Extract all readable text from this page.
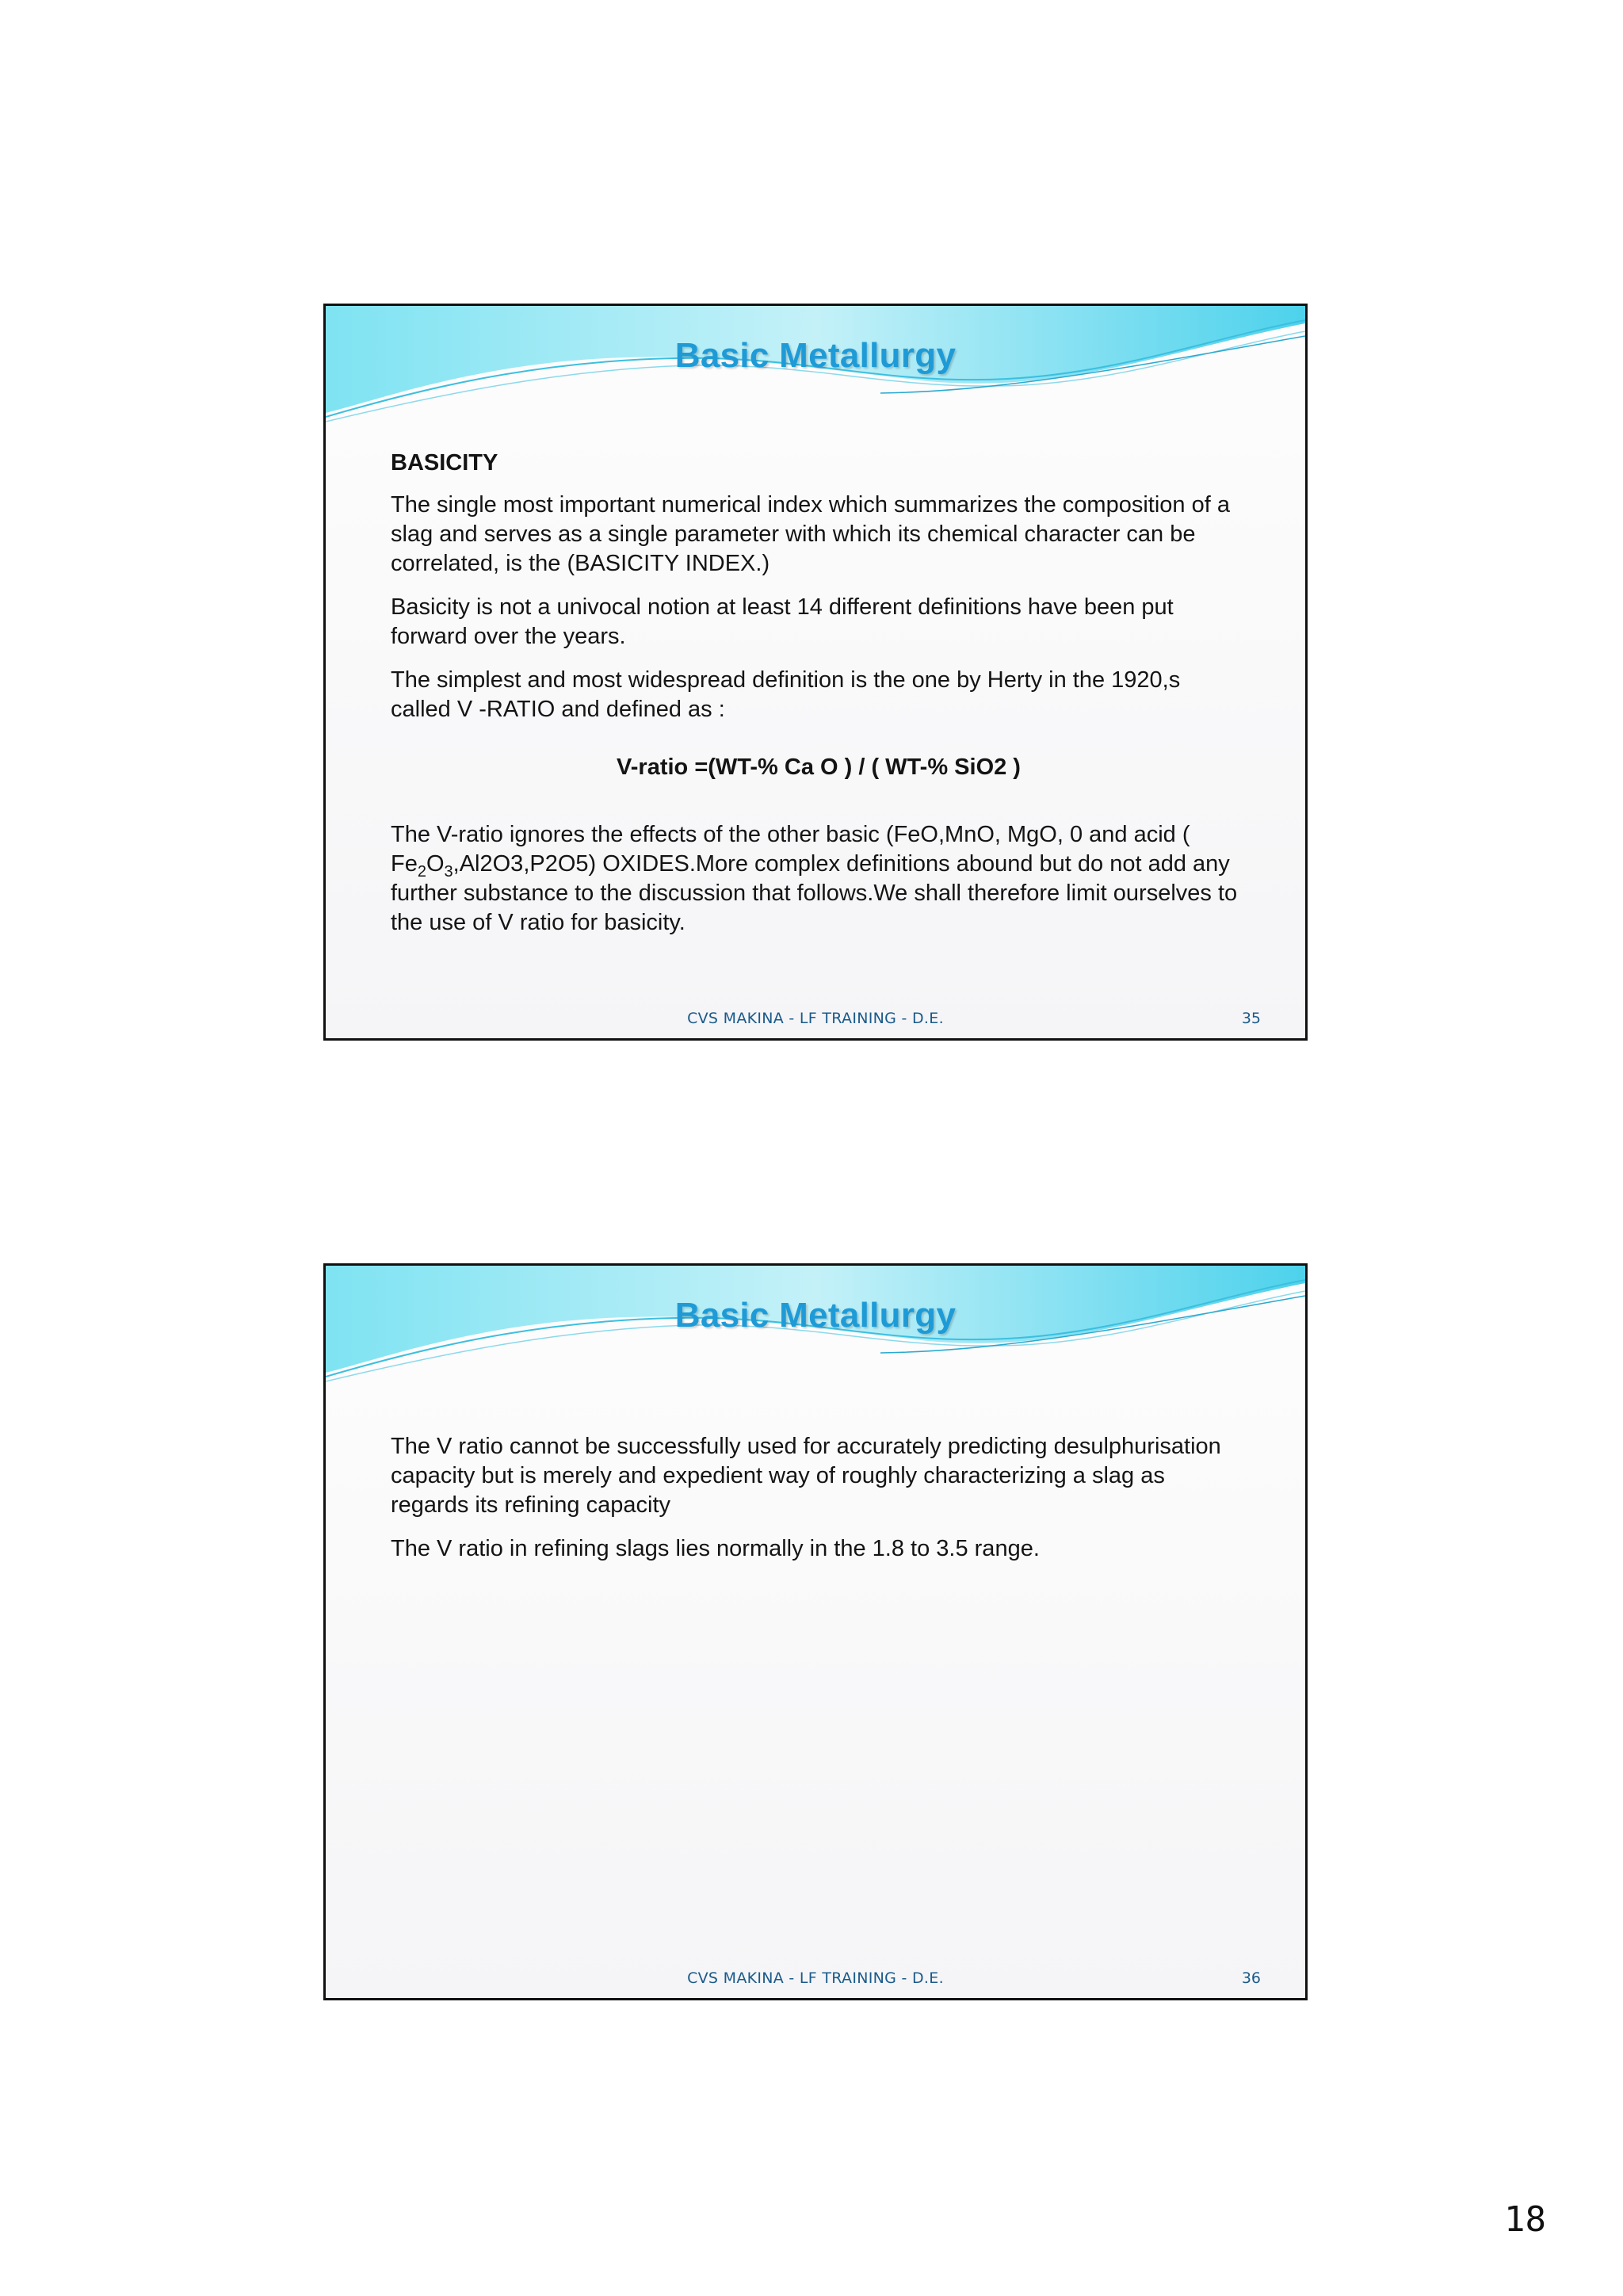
Basic Metallurgy

BASICITY

The single most important numerical index which summarizes the composition of a slag and serves as a single parameter with which its chemical character can be correlated, is the (BASICITY INDEX.)

Basicity is not a univocal notion at least 14 different definitions have been put forward over the years.

The simplest and most widespread definition is the one by Herty in the 1920,s called V -RATIO and defined as :

V-ratio =(WT-% Ca O ) / ( WT-% SiO2 )

The V-ratio ignores the effects of the other basic (FeO,MnO, MgO, 0 and acid ( $Fe_2O_3,Al2O3,P2O5$) OXIDES.More complex definitions abound but do not add any further substance to the discussion that follows.We shall therefore limit ourselves to the use of V ratio for basicity.

CVS MAKINA - LF TRAINING - D.E.	35
Basic Metallurgy

The V ratio cannot be successfully used for accurately predicting desulphurisation capacity but is merely and expedient way of roughly characterizing a slag as regards its refining capacity

The V ratio in refining slags lies normally in the 1.8 to 3.5 range.

CVS MAKINA - LF TRAINING - D.E.	36
18
